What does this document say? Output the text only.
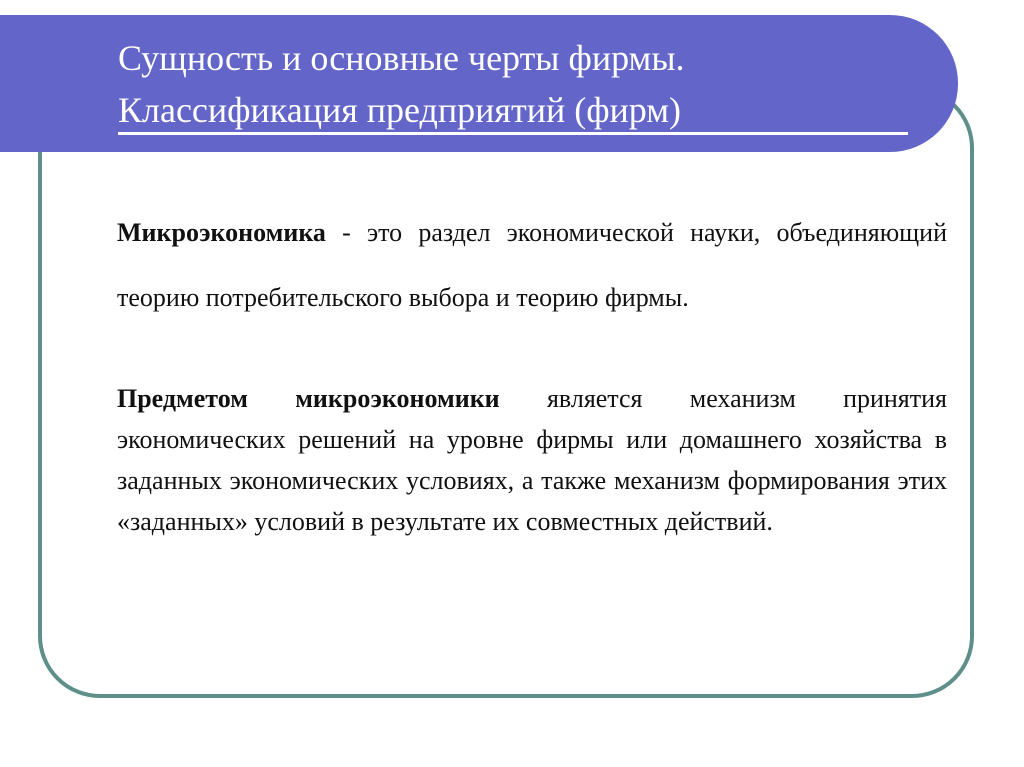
Сущность и основные черты фирмы.
Классификация предприятий (фирм)

Микроэкономика - это раздел экономической науки, объединяющий теорию потребительского выбора и теорию фирмы.

Предметом микроэкономики является механизм принятия экономических решений на уровне фирмы или домашнего хозяйства в заданных экономических условиях, а также механизм формирования этих «заданных» условий в результате их совместных действий.
